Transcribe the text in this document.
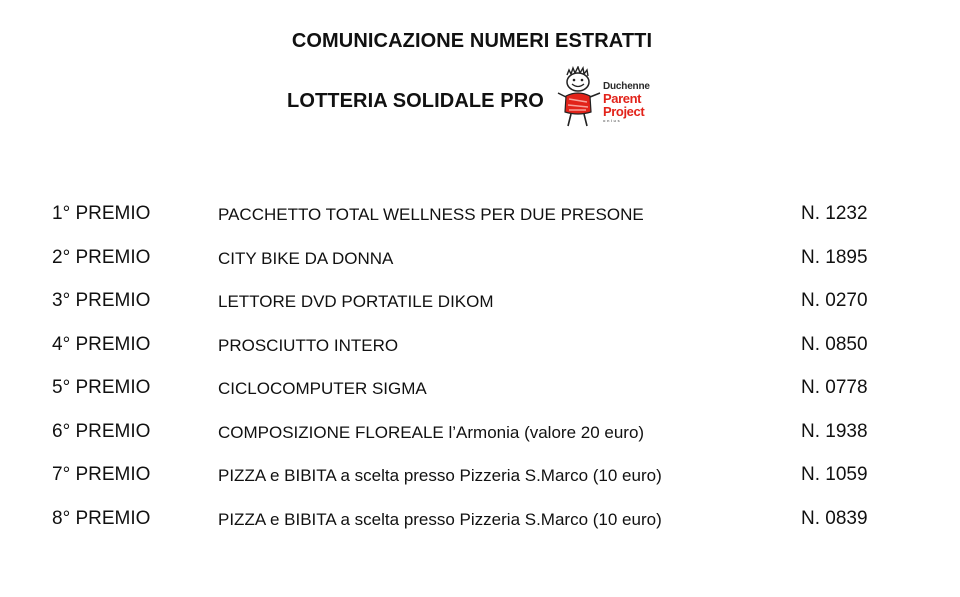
COMUNICAZIONE NUMERI ESTRATTI
LOTTERIA SOLIDALE PRO
Duchenne
Parent
Project
onlus
1° PREMIO	PACCHETTO TOTAL WELLNESS PER DUE PRESONE	N. 1232
2° PREMIO	CITY BIKE DA DONNA	N. 1895
3° PREMIO	LETTORE DVD PORTATILE DIKOM	N. 0270
4° PREMIO	PROSCIUTTO INTERO	N. 0850
5° PREMIO	CICLOCOMPUTER SIGMA	N. 0778
6° PREMIO	COMPOSIZIONE FLOREALE l’Armonia (valore 20 euro)	N. 1938
7° PREMIO	PIZZA e BIBITA a scelta presso Pizzeria S.Marco (10 euro)	N. 1059
8° PREMIO	PIZZA e BIBITA a scelta presso Pizzeria S.Marco (10 euro)	N. 0839
